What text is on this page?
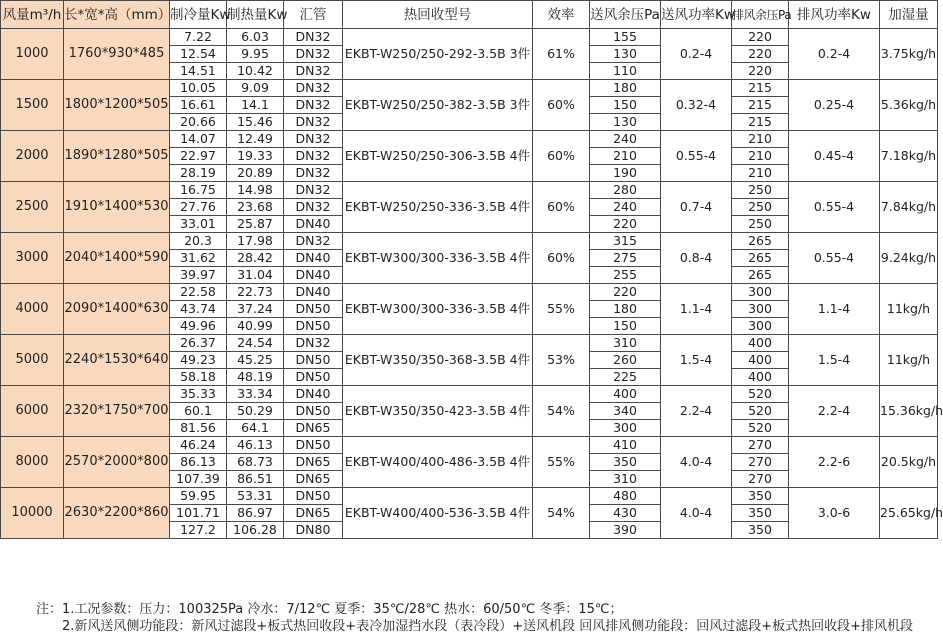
风量m³/h	长*宽*高（mm）	制冷量Kw	制热量Kw	汇管	热回收型号	效率	送风余压Pa	送风功率Kw	排风余压Pa	排风功率Kw	加湿量
1000	1760*930*485	7.22	6.03	DN32	EKBT-W250/250-292-3.5B 3件	61%	155	0.2-4	220	0.2-4	3.75kg/h
		12.54	9.95	DN32			130		220		
		14.51	10.42	DN32			110		220		
1500	1800*1200*505	10.05	9.09	DN32	EKBT-W250/250-382-3.5B 3件	60%	180	0.32-4	215	0.25-4	5.36kg/h
		16.61	14.1	DN32			150		215		
		20.66	15.46	DN32			130		215		
2000	1890*1280*505	14.07	12.49	DN32	EKBT-W250/250-306-3.5B 4件	60%	240	0.55-4	210	0.45-4	7.18kg/h
		22.97	19.33	DN32			210		210		
		28.19	20.89	DN32			190		210		
2500	1910*1400*530	16.75	14.98	DN32	EKBT-W250/250-336-3.5B 4件	60%	280	0.7-4	250	0.55-4	7.84kg/h
		27.76	23.68	DN32			240		250		
		33.01	25.87	DN40			220		250		
3000	2040*1400*590	20.3	17.98	DN32	EKBT-W300/300-336-3.5B 4件	60%	315	0.8-4	265	0.55-4	9.24kg/h
		31.62	28.42	DN40			275		265		
		39.97	31.04	DN40			255		265		
4000	2090*1400*630	22.58	22.73	DN40	EKBT-W300/300-336-3.5B 4件	55%	220	1.1-4	300	1.1-4	11kg/h
		43.74	37.24	DN50			180		300		
		49.96	40.99	DN50			150		300		
5000	2240*1530*640	26.37	24.54	DN32	EKBT-W350/350-368-3.5B 4件	53%	310	1.5-4	400	1.5-4	11kg/h
		49.23	45.25	DN50			260		400		
		58.18	48.19	DN50			225		400		
6000	2320*1750*700	35.33	33.34	DN40	EKBT-W350/350-423-3.5B 4件	54%	400	2.2-4	520	2.2-4	15.36kg/h
		60.1	50.29	DN50			340		520		
		81.56	64.1	DN65			300		520		
8000	2570*2000*800	46.24	46.13	DN50	EKBT-W400/400-486-3.5B 4件	55%	410	4.0-4	270	2.2-6	20.5kg/h
		86.13	68.73	DN65			350		270		
		107.39	86.51	DN65			310		270		
10000	2630*2200*860	59.95	53.31	DN50	EKBT-W400/400-536-3.5B 4件	54%	480	4.0-4	350	3.0-6	25.65kg/h
		101.71	86.97	DN65			430		350		
		127.2	106.28	DN80			390		350		
注：1.工况参数：压力：100325Pa 冷水：7/12℃ 夏季：35℃/28℃ 热水：60/50℃ 冬季：15℃；
2.新风送风侧功能段：新风过滤段+板式热回收段+表冷加湿挡水段（表冷段）+送风机段 回风排风侧功能段：回风过滤段+板式热回收段+排风机段
